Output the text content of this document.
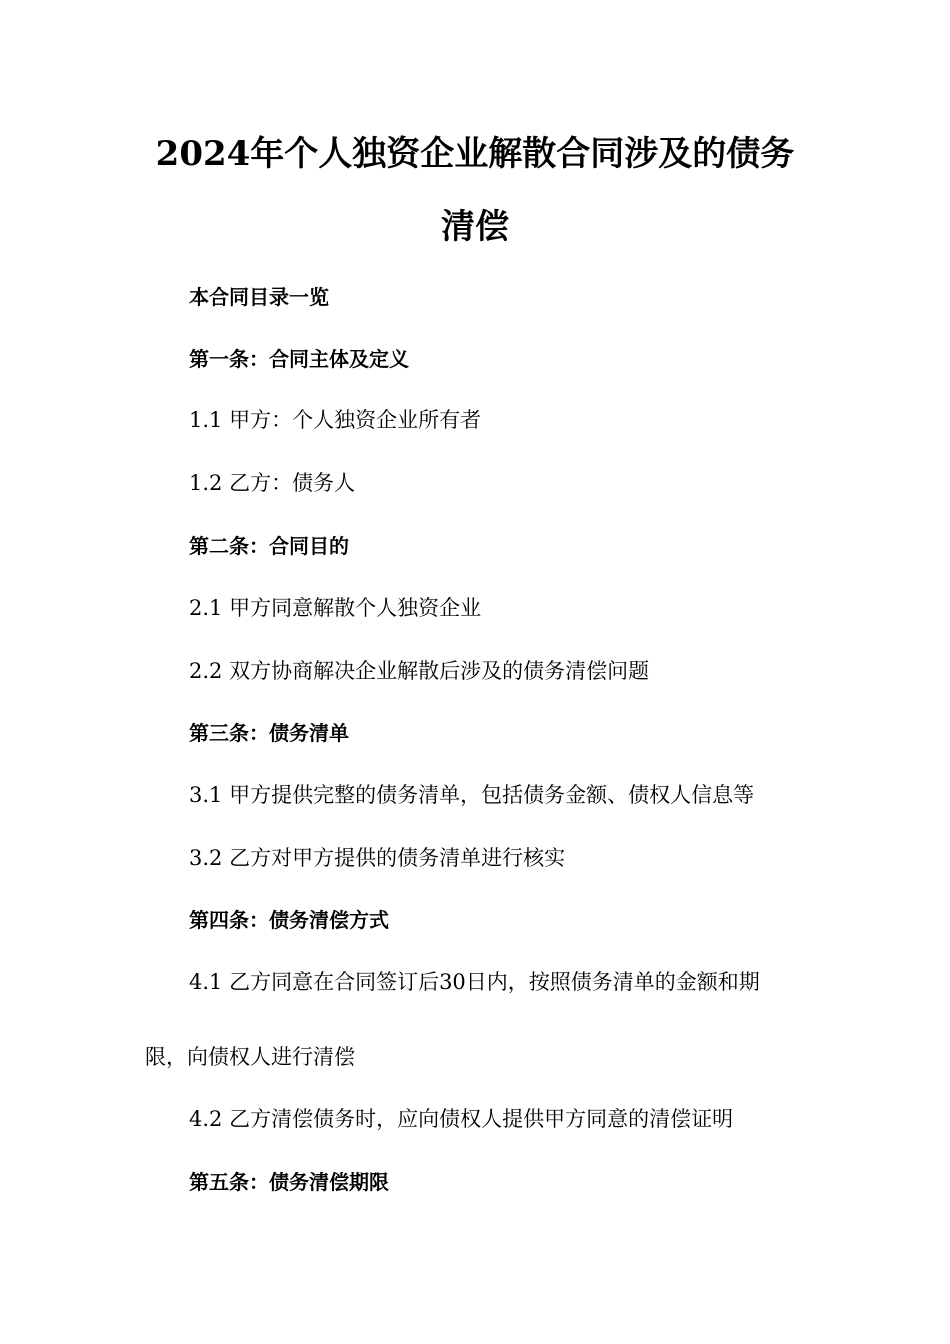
2024年个人独资企业解散合同涉及的债务
清偿

本合同目录一览

第一条：合同主体及定义

1.1 甲方：个人独资企业所有者

1.2 乙方：债务人

第二条：合同目的

2.1 甲方同意解散个人独资企业

2.2 双方协商解决企业解散后涉及的债务清偿问题

第三条：债务清单

3.1 甲方提供完整的债务清单，包括债务金额、债权人信息等

3.2 乙方对甲方提供的债务清单进行核实

第四条：债务清偿方式

4.1 乙方同意在合同签订后30日内，按照债务清单的金额和期

限，向债权人进行清偿

4.2 乙方清偿债务时，应向债权人提供甲方同意的清偿证明

第五条：债务清偿期限
